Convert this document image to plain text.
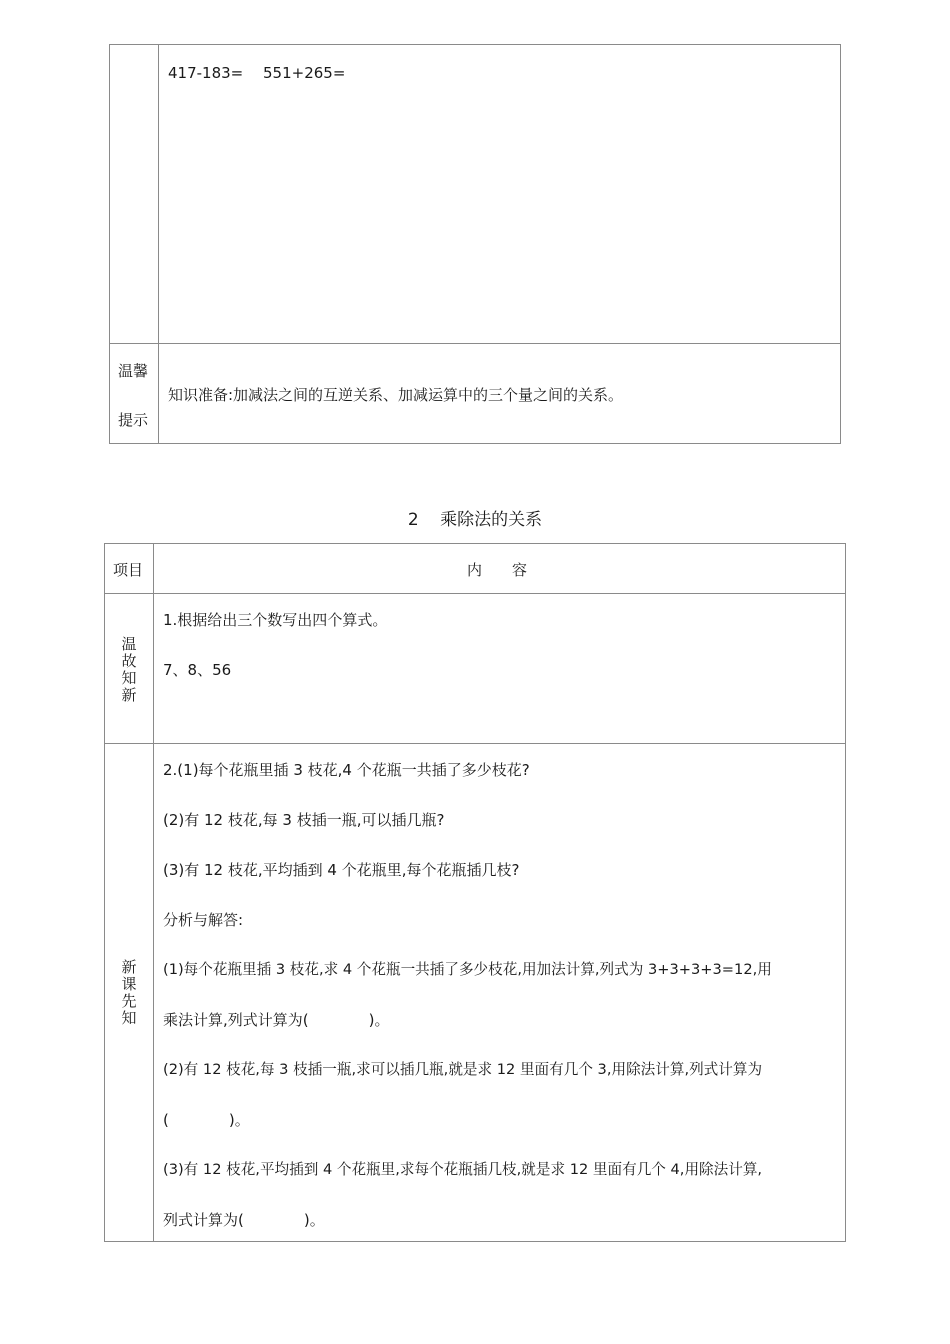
417-183=　 551+265=
温馨
提示
知识准备:加减法之间的互逆关系、加减运算中的三个量之间的关系。
2 乘除法的关系
项目	内　　容
温
故
知
新
1.根据给出三个数写出四个算式。
7、8、56
新
课
先
知
2.(1)每个花瓶里插 3 枝花,4 个花瓶一共插了多少枝花?
(2)有 12 枝花,每 3 枝插一瓶,可以插几瓶?
(3)有 12 枝花,平均插到 4 个花瓶里,每个花瓶插几枝?
分析与解答:
(1)每个花瓶里插 3 枝花,求 4 个花瓶一共插了多少枝花,用加法计算,列式为 3+3+3+3=12,用
乘法计算,列式计算为(　　　　)。
(2)有 12 枝花,每 3 枝插一瓶,求可以插几瓶,就是求 12 里面有几个 3,用除法计算,列式计算为
(　　　　)。
(3)有 12 枝花,平均插到 4 个花瓶里,求每个花瓶插几枝,就是求 12 里面有几个 4,用除法计算,
列式计算为(　　　　)。
